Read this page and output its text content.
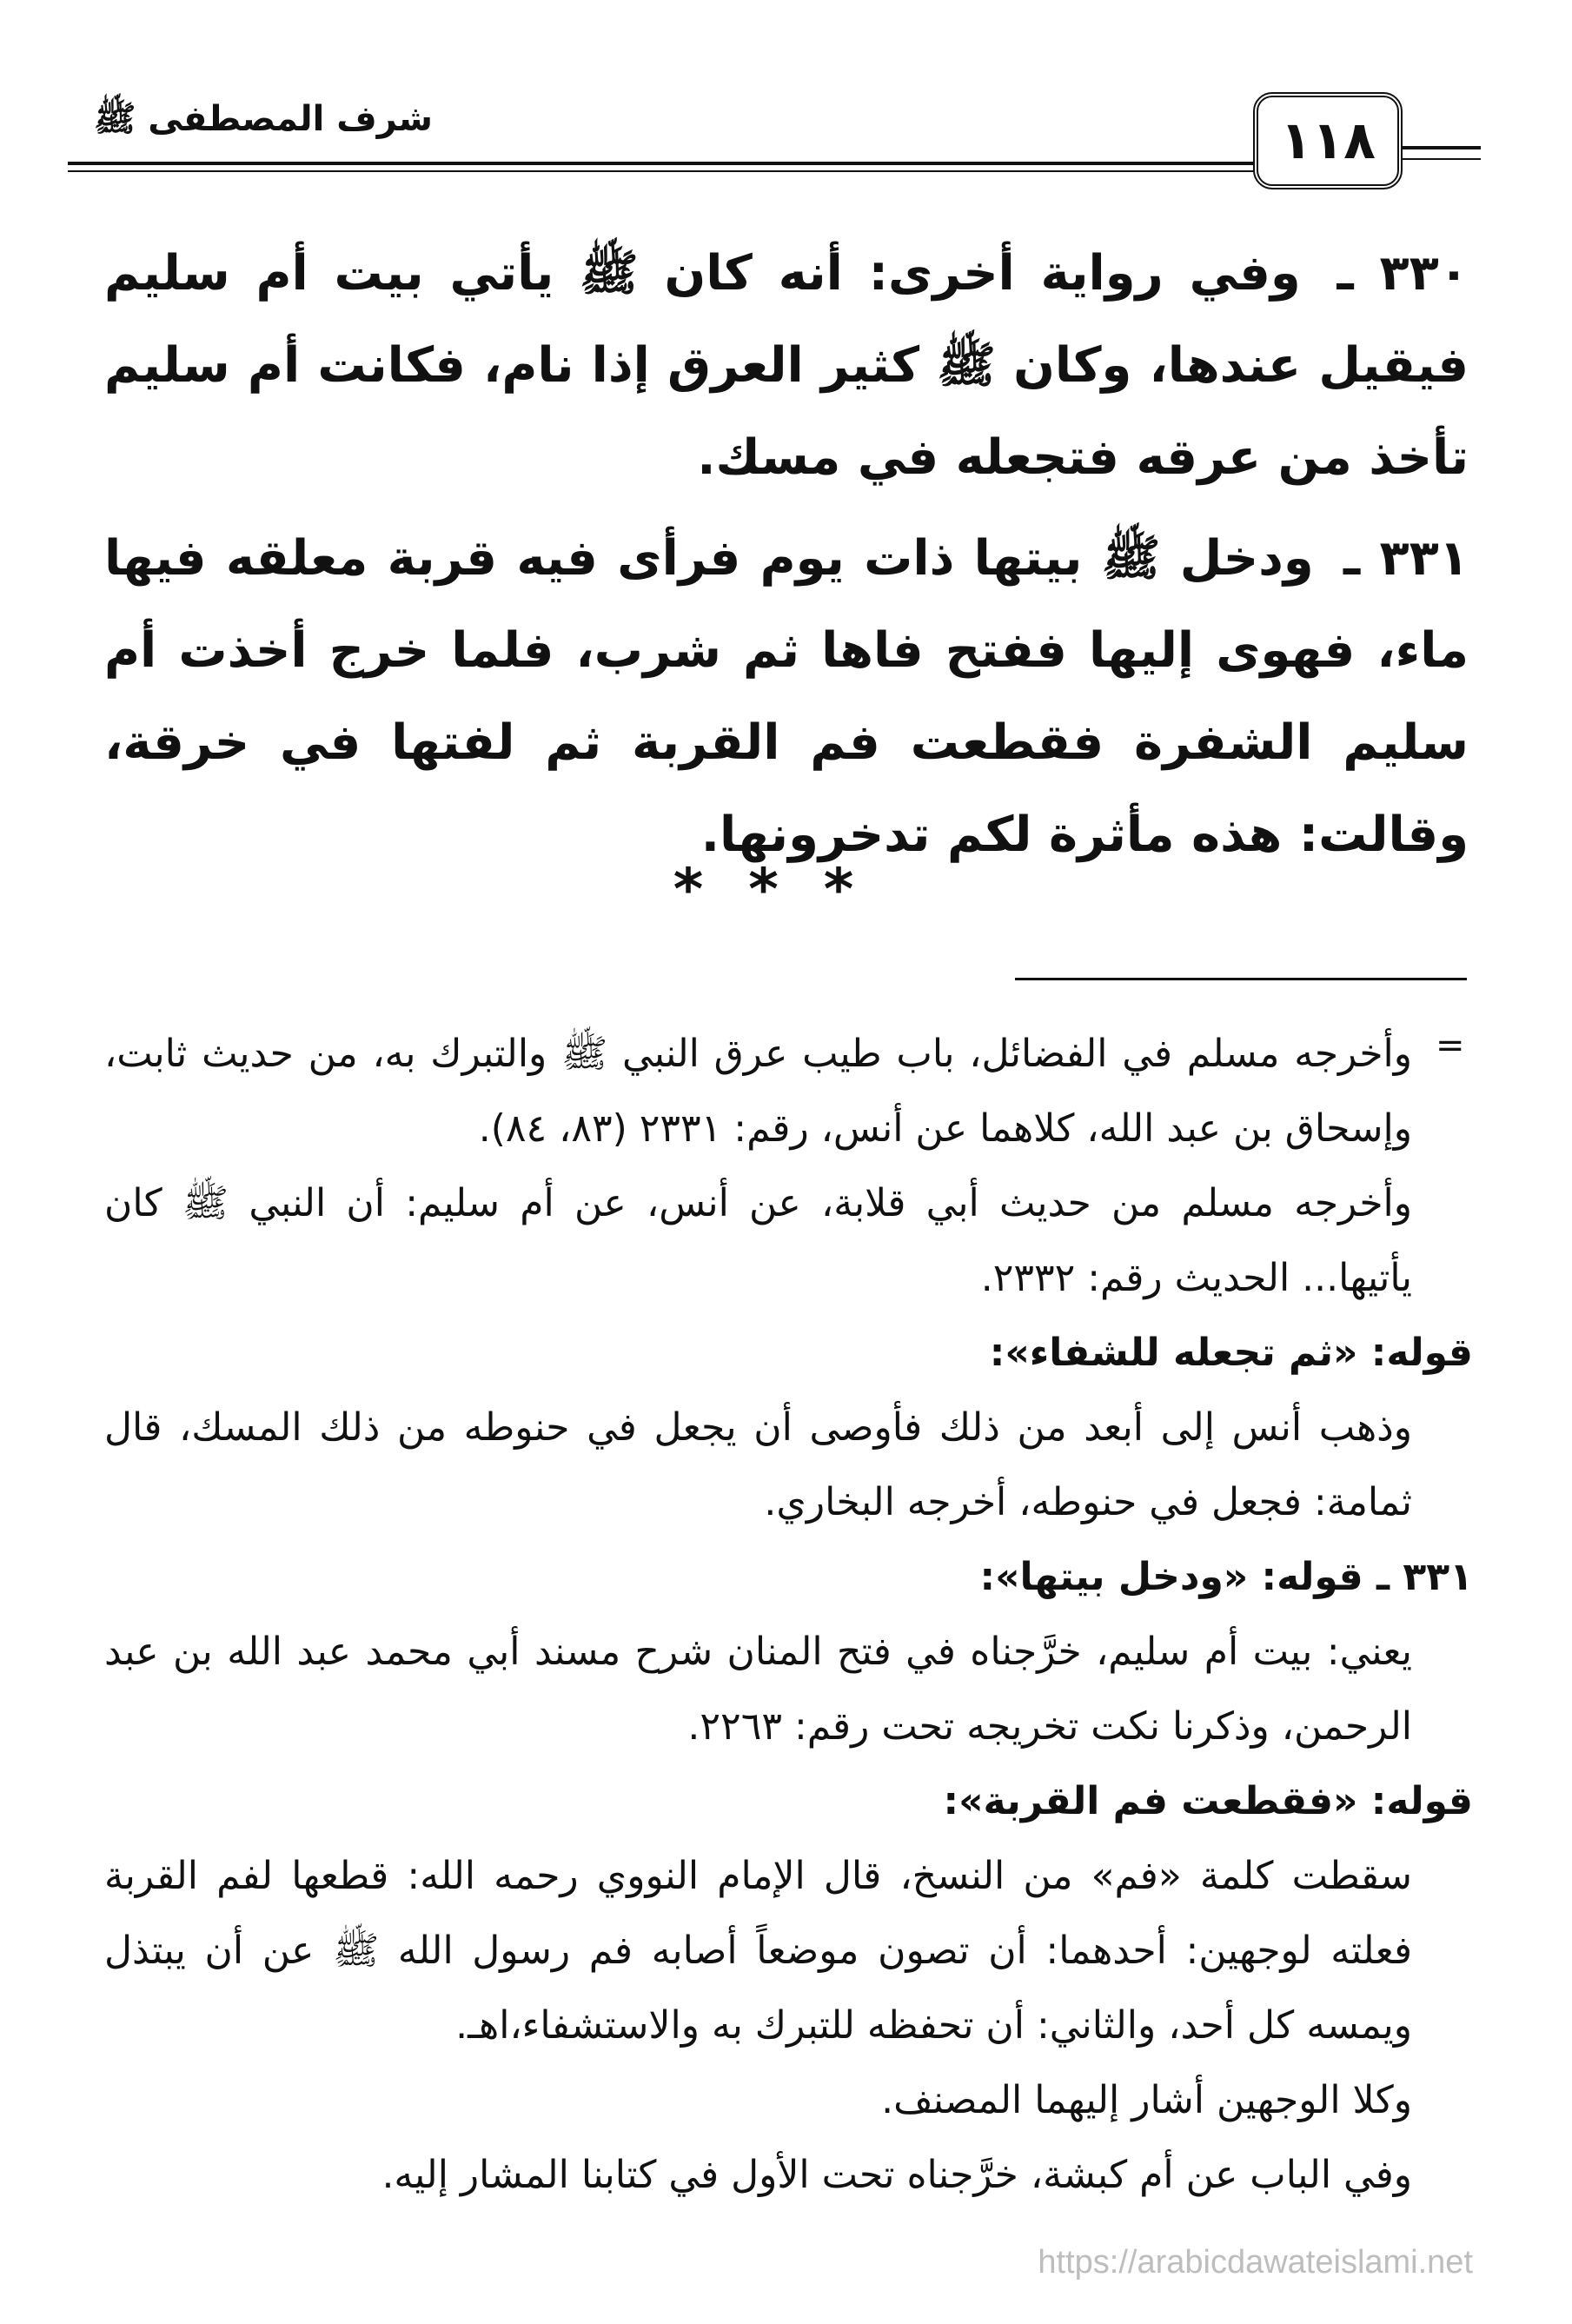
شرف المصطفى ﷺ	١١٨
٣٣٠ ـ وفي رواية أخرى: أنه كان ﷺ يأتي بيت أم سليم فيقيل عندها، وكان ﷺ كثير العرق إذا نام، فكانت أم سليم تأخذ من عرقه فتجعله في مسك.
٣٣١ ـ ودخل ﷺ بيتها ذات يوم فرأى فيه قربة معلقه فيها ماء، فهوى إليها ففتح فاها ثم شرب، فلما خرج أخذت أم سليم الشفرة فقطعت فم القربة ثم لفتها في خرقة، وقالت: هذه مأثرة لكم تدخرونها.
***
=
وأخرجه مسلم في الفضائل، باب طيب عرق النبي ﷺ والتبرك به، من حديث ثابت، وإسحاق بن عبد الله، كلاهما عن أنس، رقم: ٢٣٣١ (٨٣، ٨٤).
وأخرجه مسلم من حديث أبي قلابة، عن أنس، عن أم سليم: أن النبي ﷺ كان يأتيها... الحديث رقم: ٢٣٣٢.
قوله: «ثم تجعله للشفاء»:
وذهب أنس إلى أبعد من ذلك فأوصى أن يجعل في حنوطه من ذلك المسك، قال ثمامة: فجعل في حنوطه، أخرجه البخاري.
٣٣١ ـ قوله: «ودخل بيتها»:
يعني: بيت أم سليم، خرَّجناه في فتح المنان شرح مسند أبي محمد عبد الله بن عبد الرحمن، وذكرنا نكت تخريجه تحت رقم: ٢٢٦٣.
قوله: «فقطعت فم القربة»:
سقطت كلمة «فم» من النسخ، قال الإمام النووي رحمه الله: قطعها لفم القربة فعلته لوجهين: أحدهما: أن تصون موضعاً أصابه فم رسول الله ﷺ عن أن يبتذل ويمسه كل أحد، والثاني: أن تحفظه للتبرك به والاستشفاء،اهـ.
وكلا الوجهين أشار إليهما المصنف.
وفي الباب عن أم كبشة، خرَّجناه تحت الأول في كتابنا المشار إليه.
https://arabicdawateislami.net
